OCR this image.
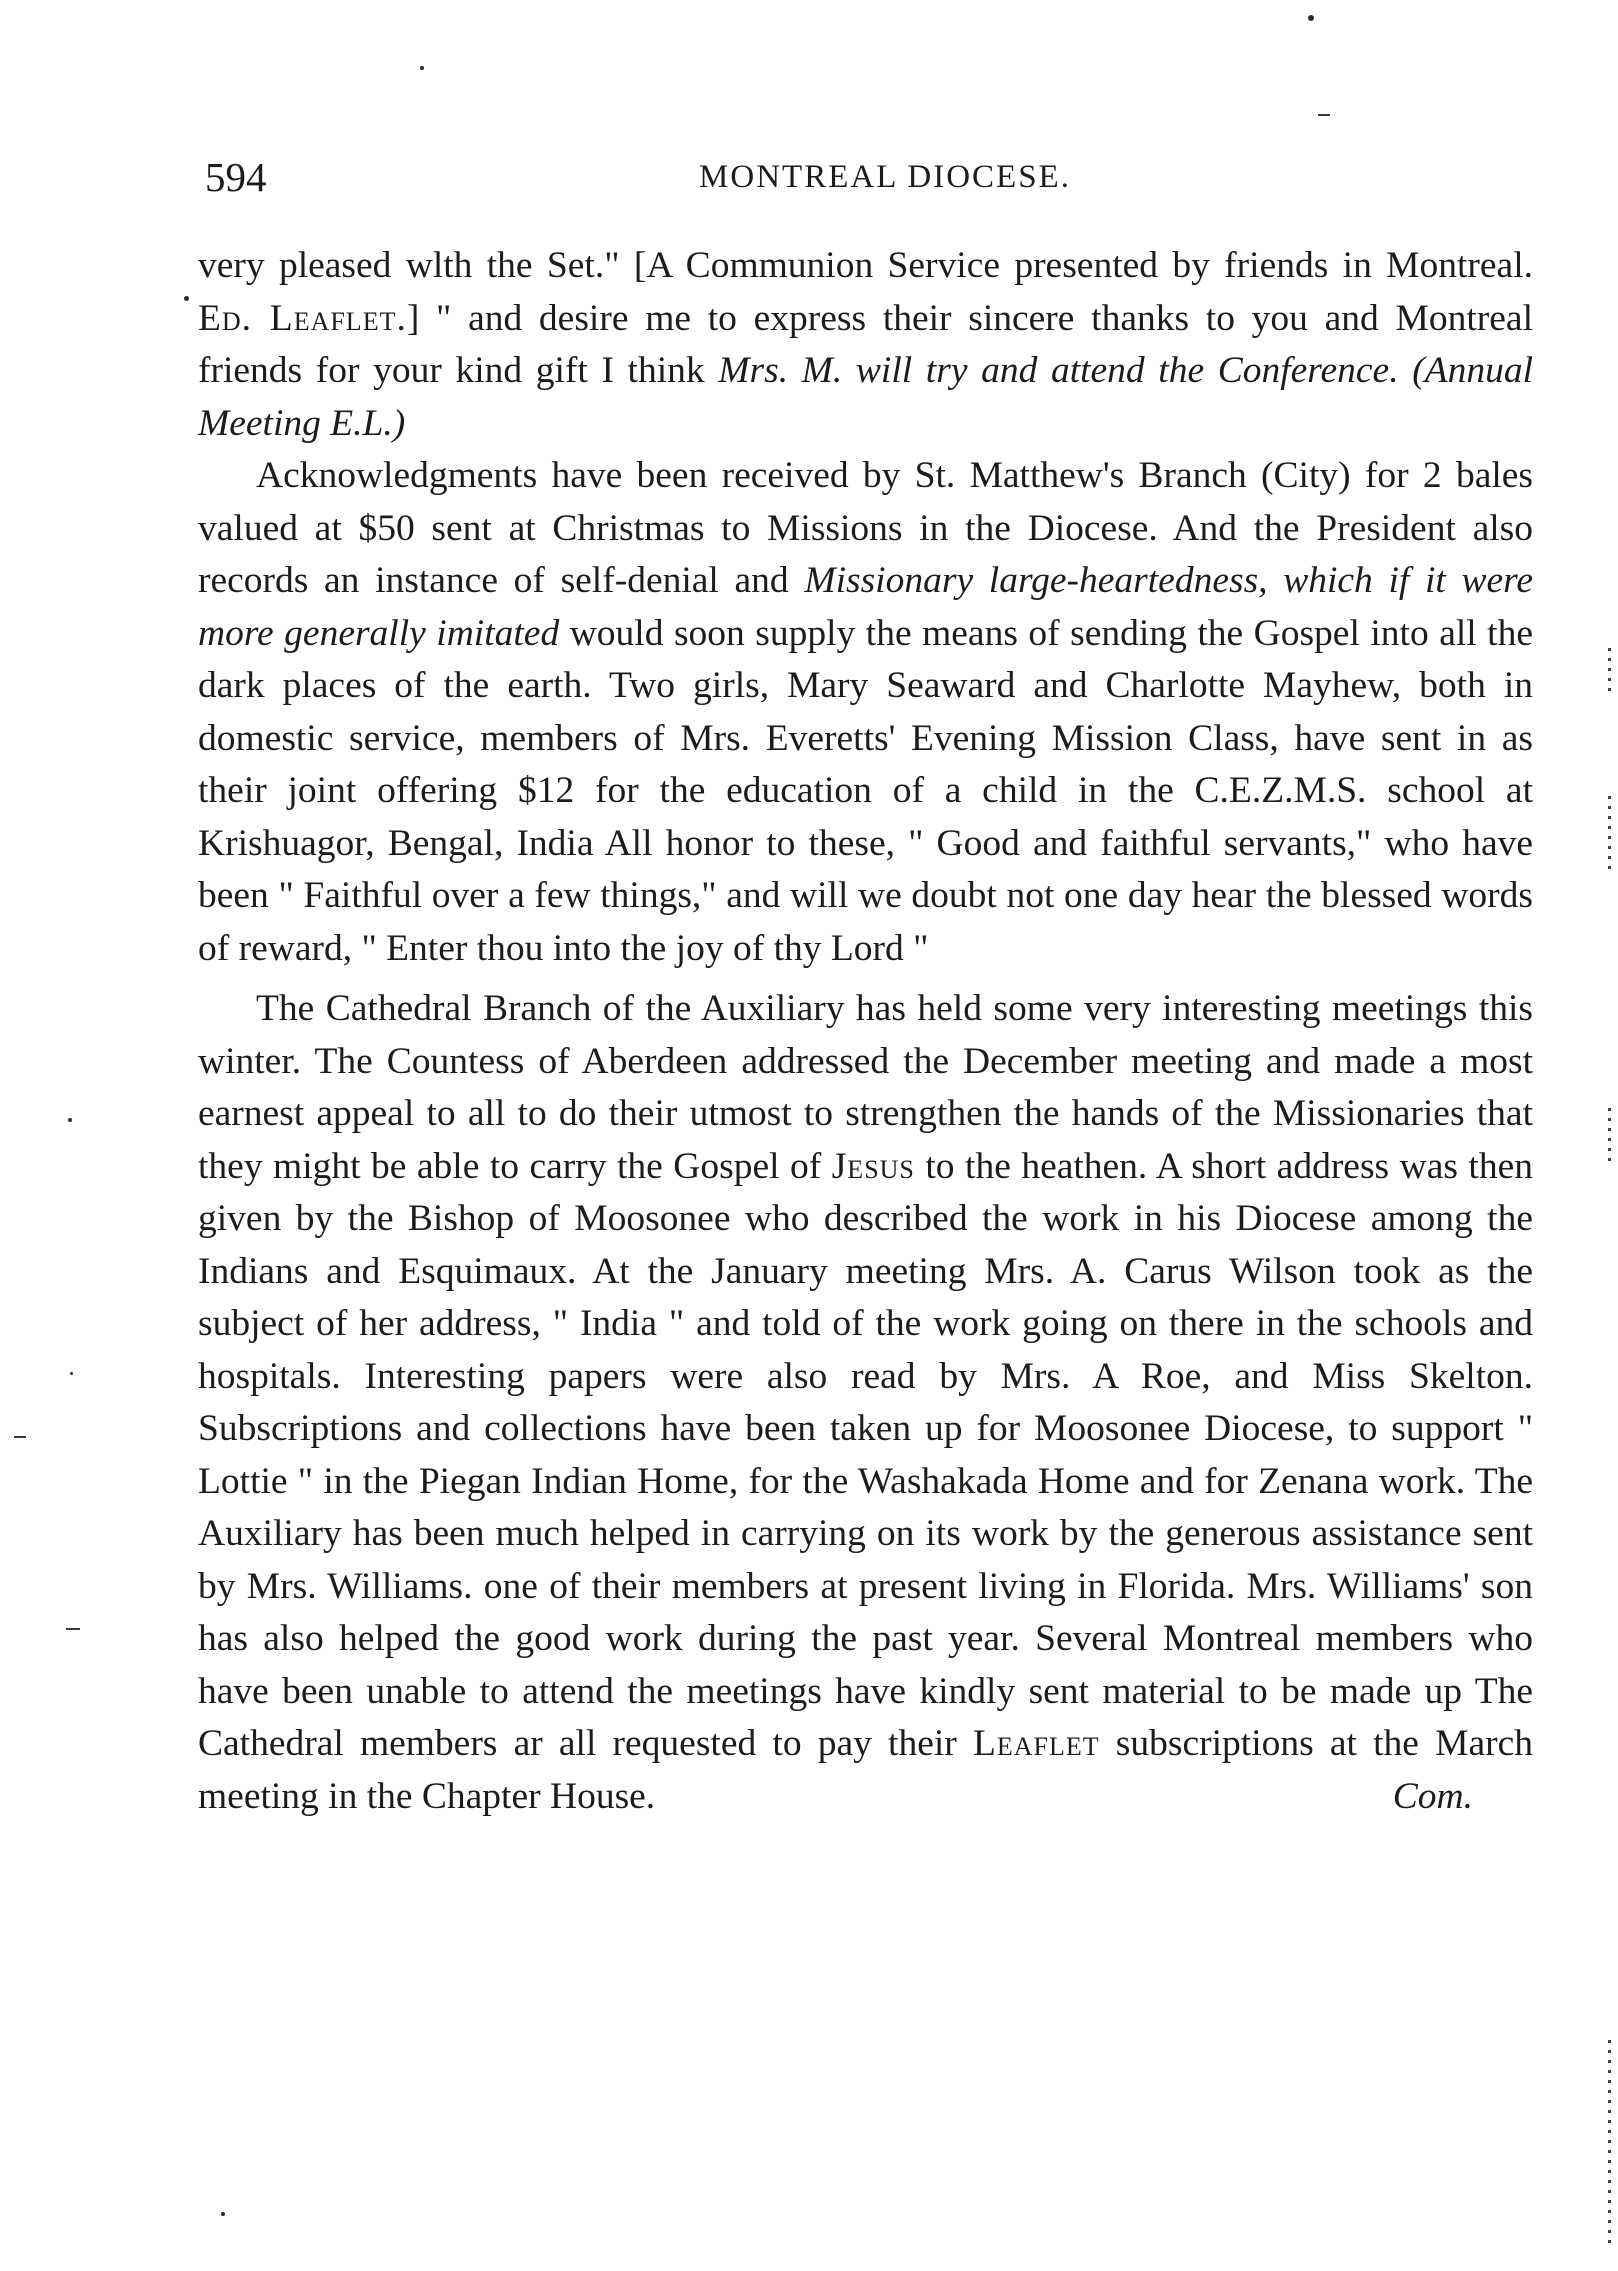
594	MONTREAL DIOCESE.

very pleased wlth the Set." [A Communion Service presented by friends in Montreal. Ed. Leaflet.] " and desire me to express their sincere thanks to you and Montreal friends for your kind gift I think Mrs. M. will try and attend the Conference. (Annual Meeting E.L.)

Acknowledgments have been received by St. Matthew's Branch (City) for 2 bales valued at $50 sent at Christmas to Missions in the Diocese. And the President also records an instance of self-denial and Missionary large-heartedness, which if it were more generally imitated would soon supply the means of sending the Gospel into all the dark places of the earth. Two girls, Mary Seaward and Charlotte Mayhew, both in domestic service, members of Mrs. Everetts' Evening Mission Class, have sent in as their joint offering $12 for the education of a child in the C.E.Z.M.S. school at Krishuagor, Bengal, India All honor to these, " Good and faithful servants," who have been " Faithful over a few things," and will we doubt not one day hear the blessed words of reward, " Enter thou into the joy of thy Lord "

The Cathedral Branch of the Auxiliary has held some very interesting meetings this winter. The Countess of Aberdeen addressed the December meeting and made a most earnest appeal to all to do their utmost to strengthen the hands of the Missionaries that they might be able to carry the Gospel of Jesus to the heathen. A short address was then given by the Bishop of Moosonee who described the work in his Diocese among the Indians and Esquimaux. At the January meeting Mrs. A. Carus Wilson took as the subject of her address, " India " and told of the work going on there in the schools and hospitals. Interesting papers were also read by Mrs. A Roe, and Miss Skelton. Subscriptions and collections have been taken up for Moosonee Diocese, to support " Lottie " in the Piegan Indian Home, for the Washakada Home and for Zenana work. The Auxiliary has been much helped in carrying on its work by the generous assistance sent by Mrs. Williams. one of their members at present living in Florida. Mrs. Williams' son has also helped the good work during the past year. Several Montreal members who have been unable to attend the meetings have kindly sent material to be made up The Cathedral members ar all requested to pay their Leaflet subscriptions at the March meeting in the Chapter House.	Com.
